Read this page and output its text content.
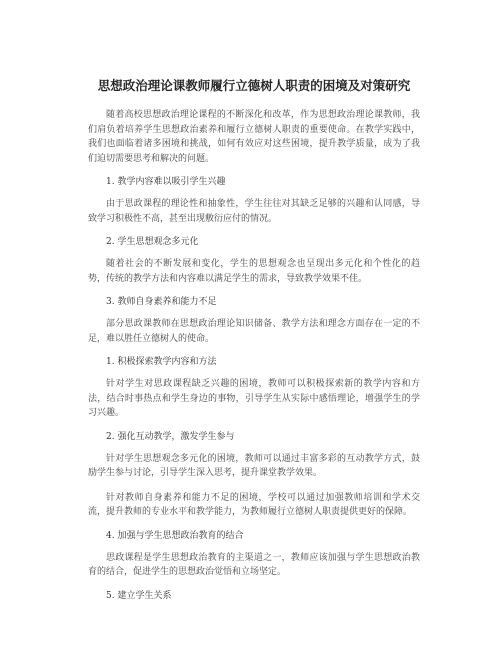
思想政治理论课教师履行立德树人职责的困境及对策研究

随着高校思想政治理论课程的不断深化和改革，作为思想政治理论课教师，我们肩负着培养学生思想政治素养和履行立德树人职责的重要使命。在教学实践中，我们也面临着诸多困境和挑战，如何有效应对这些困境，提升教学质量，成为了我们迫切需要思考和解决的问题。

1. 教学内容难以吸引学生兴趣

由于思政课程的理论性和抽象性，学生往往对其缺乏足够的兴趣和认同感，导致学习积极性不高，甚至出现敷衍应付的情况。

2. 学生思想观念多元化

随着社会的不断发展和变化，学生的思想观念也呈现出多元化和个性化的趋势，传统的教学方法和内容难以满足学生的需求，导致教学效果不佳。

3. 教师自身素养和能力不足

部分思政课教师在思想政治理论知识储备、教学方法和理念方面存在一定的不足，难以胜任立德树人的使命。

1. 积极探索教学内容和方法

针对学生对思政课程缺乏兴趣的困境，教师可以积极探索新的教学内容和方法，结合时事热点和学生身边的事物，引导学生从实际中感悟理论，增强学生的学习兴趣。

2. 强化互动教学，激发学生参与

针对学生思想观念多元化的困境，教师可以通过丰富多彩的互动教学方式，鼓励学生参与讨论，引导学生深入思考，提升课堂教学效果。

针对教师自身素养和能力不足的困境，学校可以通过加强教师培训和学术交流，提升教师的专业水平和教学能力，为教师履行立德树人职责提供更好的保障。

4. 加强与学生思想政治教育的结合

思政课程是学生思想政治教育的主渠道之一，教师应该加强与学生思想政治教育的结合，促进学生的思想政治觉悟和立场坚定。

5. 建立学生关系
